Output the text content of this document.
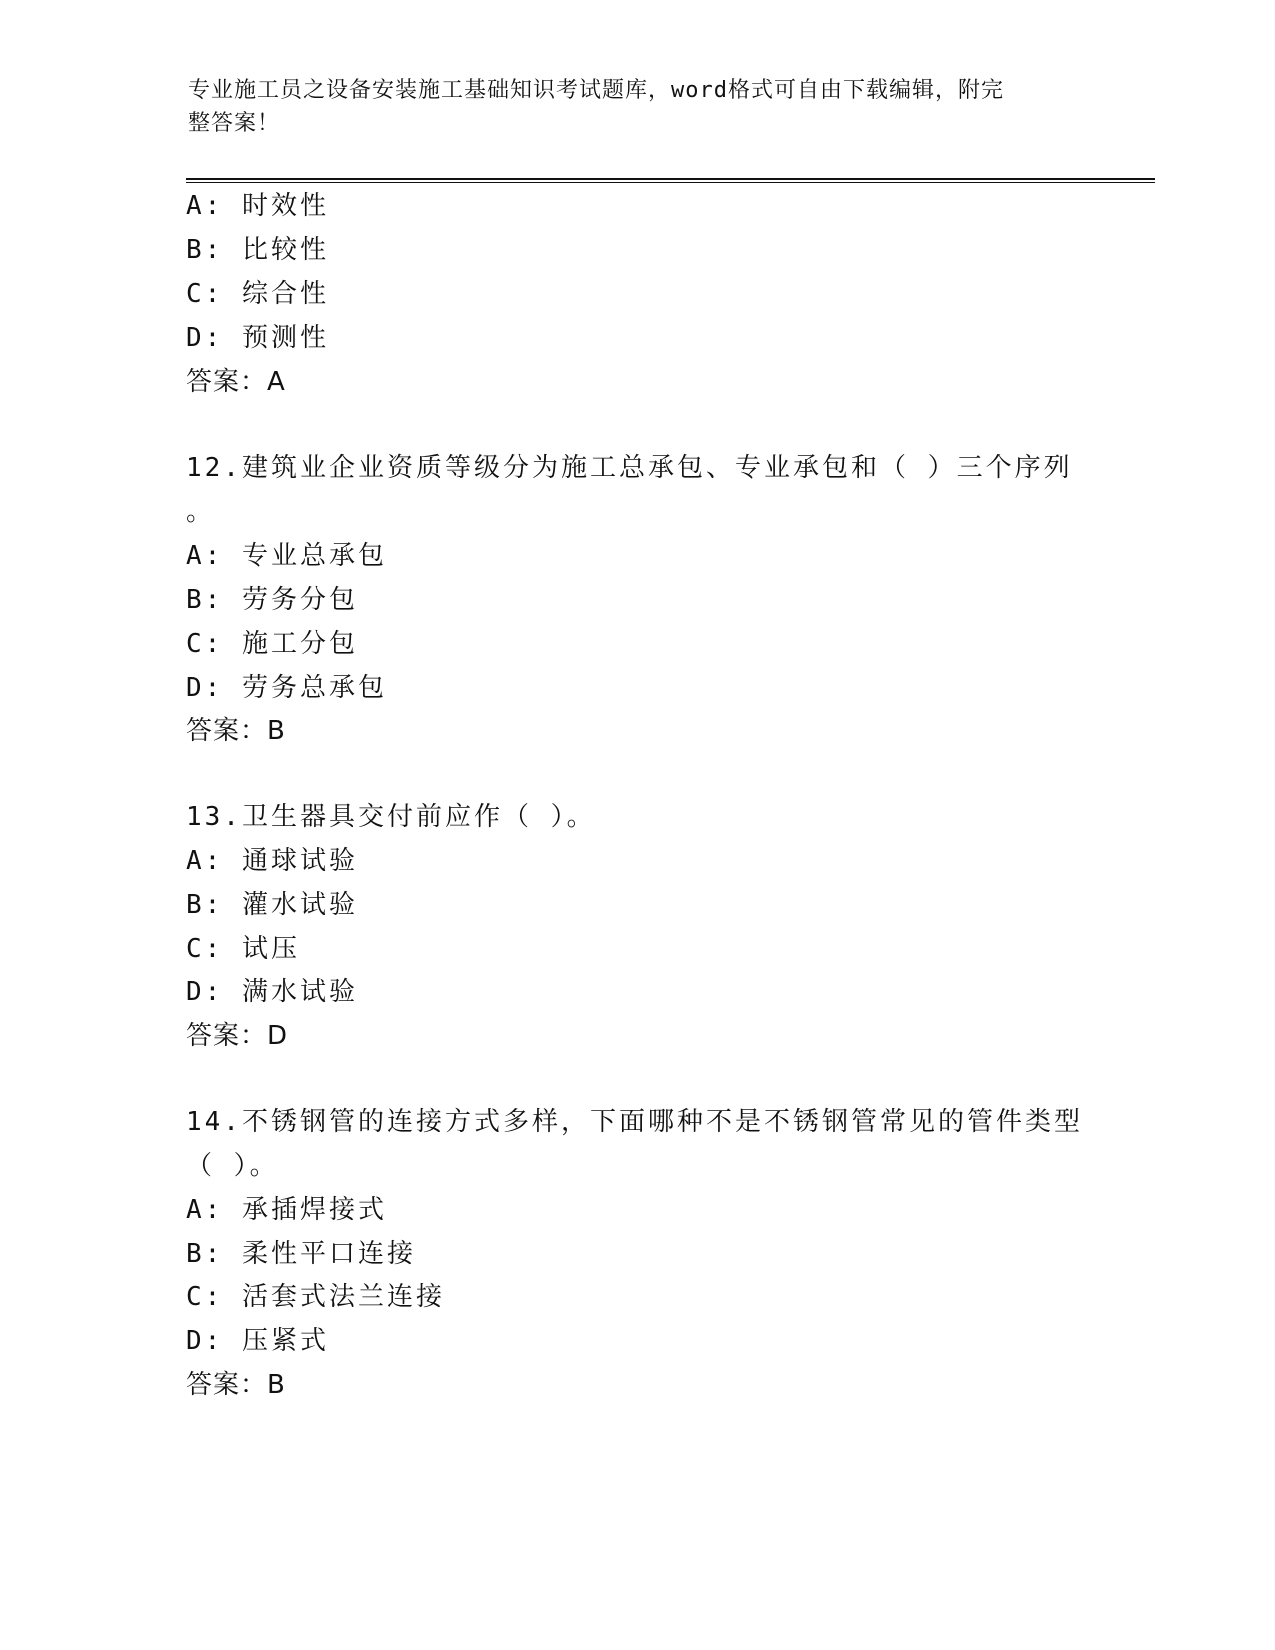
专业施工员之设备安装施工基础知识考试题库，word格式可自由下载编辑，附完
整答案！
A: 时效性
B: 比较性
C: 综合性
D: 预测性
答案：A
12.建筑业企业资质等级分为施工总承包、专业承包和（ ）三个序列
。
A: 专业总承包
B: 劳务分包
C: 施工分包
D: 劳务总承包
答案：B
13.卫生器具交付前应作（ ）。
A: 通球试验
B: 灌水试验
C: 试压
D: 满水试验
答案：D
14.不锈钢管的连接方式多样，下面哪种不是不锈钢管常见的管件类型
（ ）。
A: 承插焊接式
B: 柔性平口连接
C: 活套式法兰连接
D: 压紧式
答案：B
